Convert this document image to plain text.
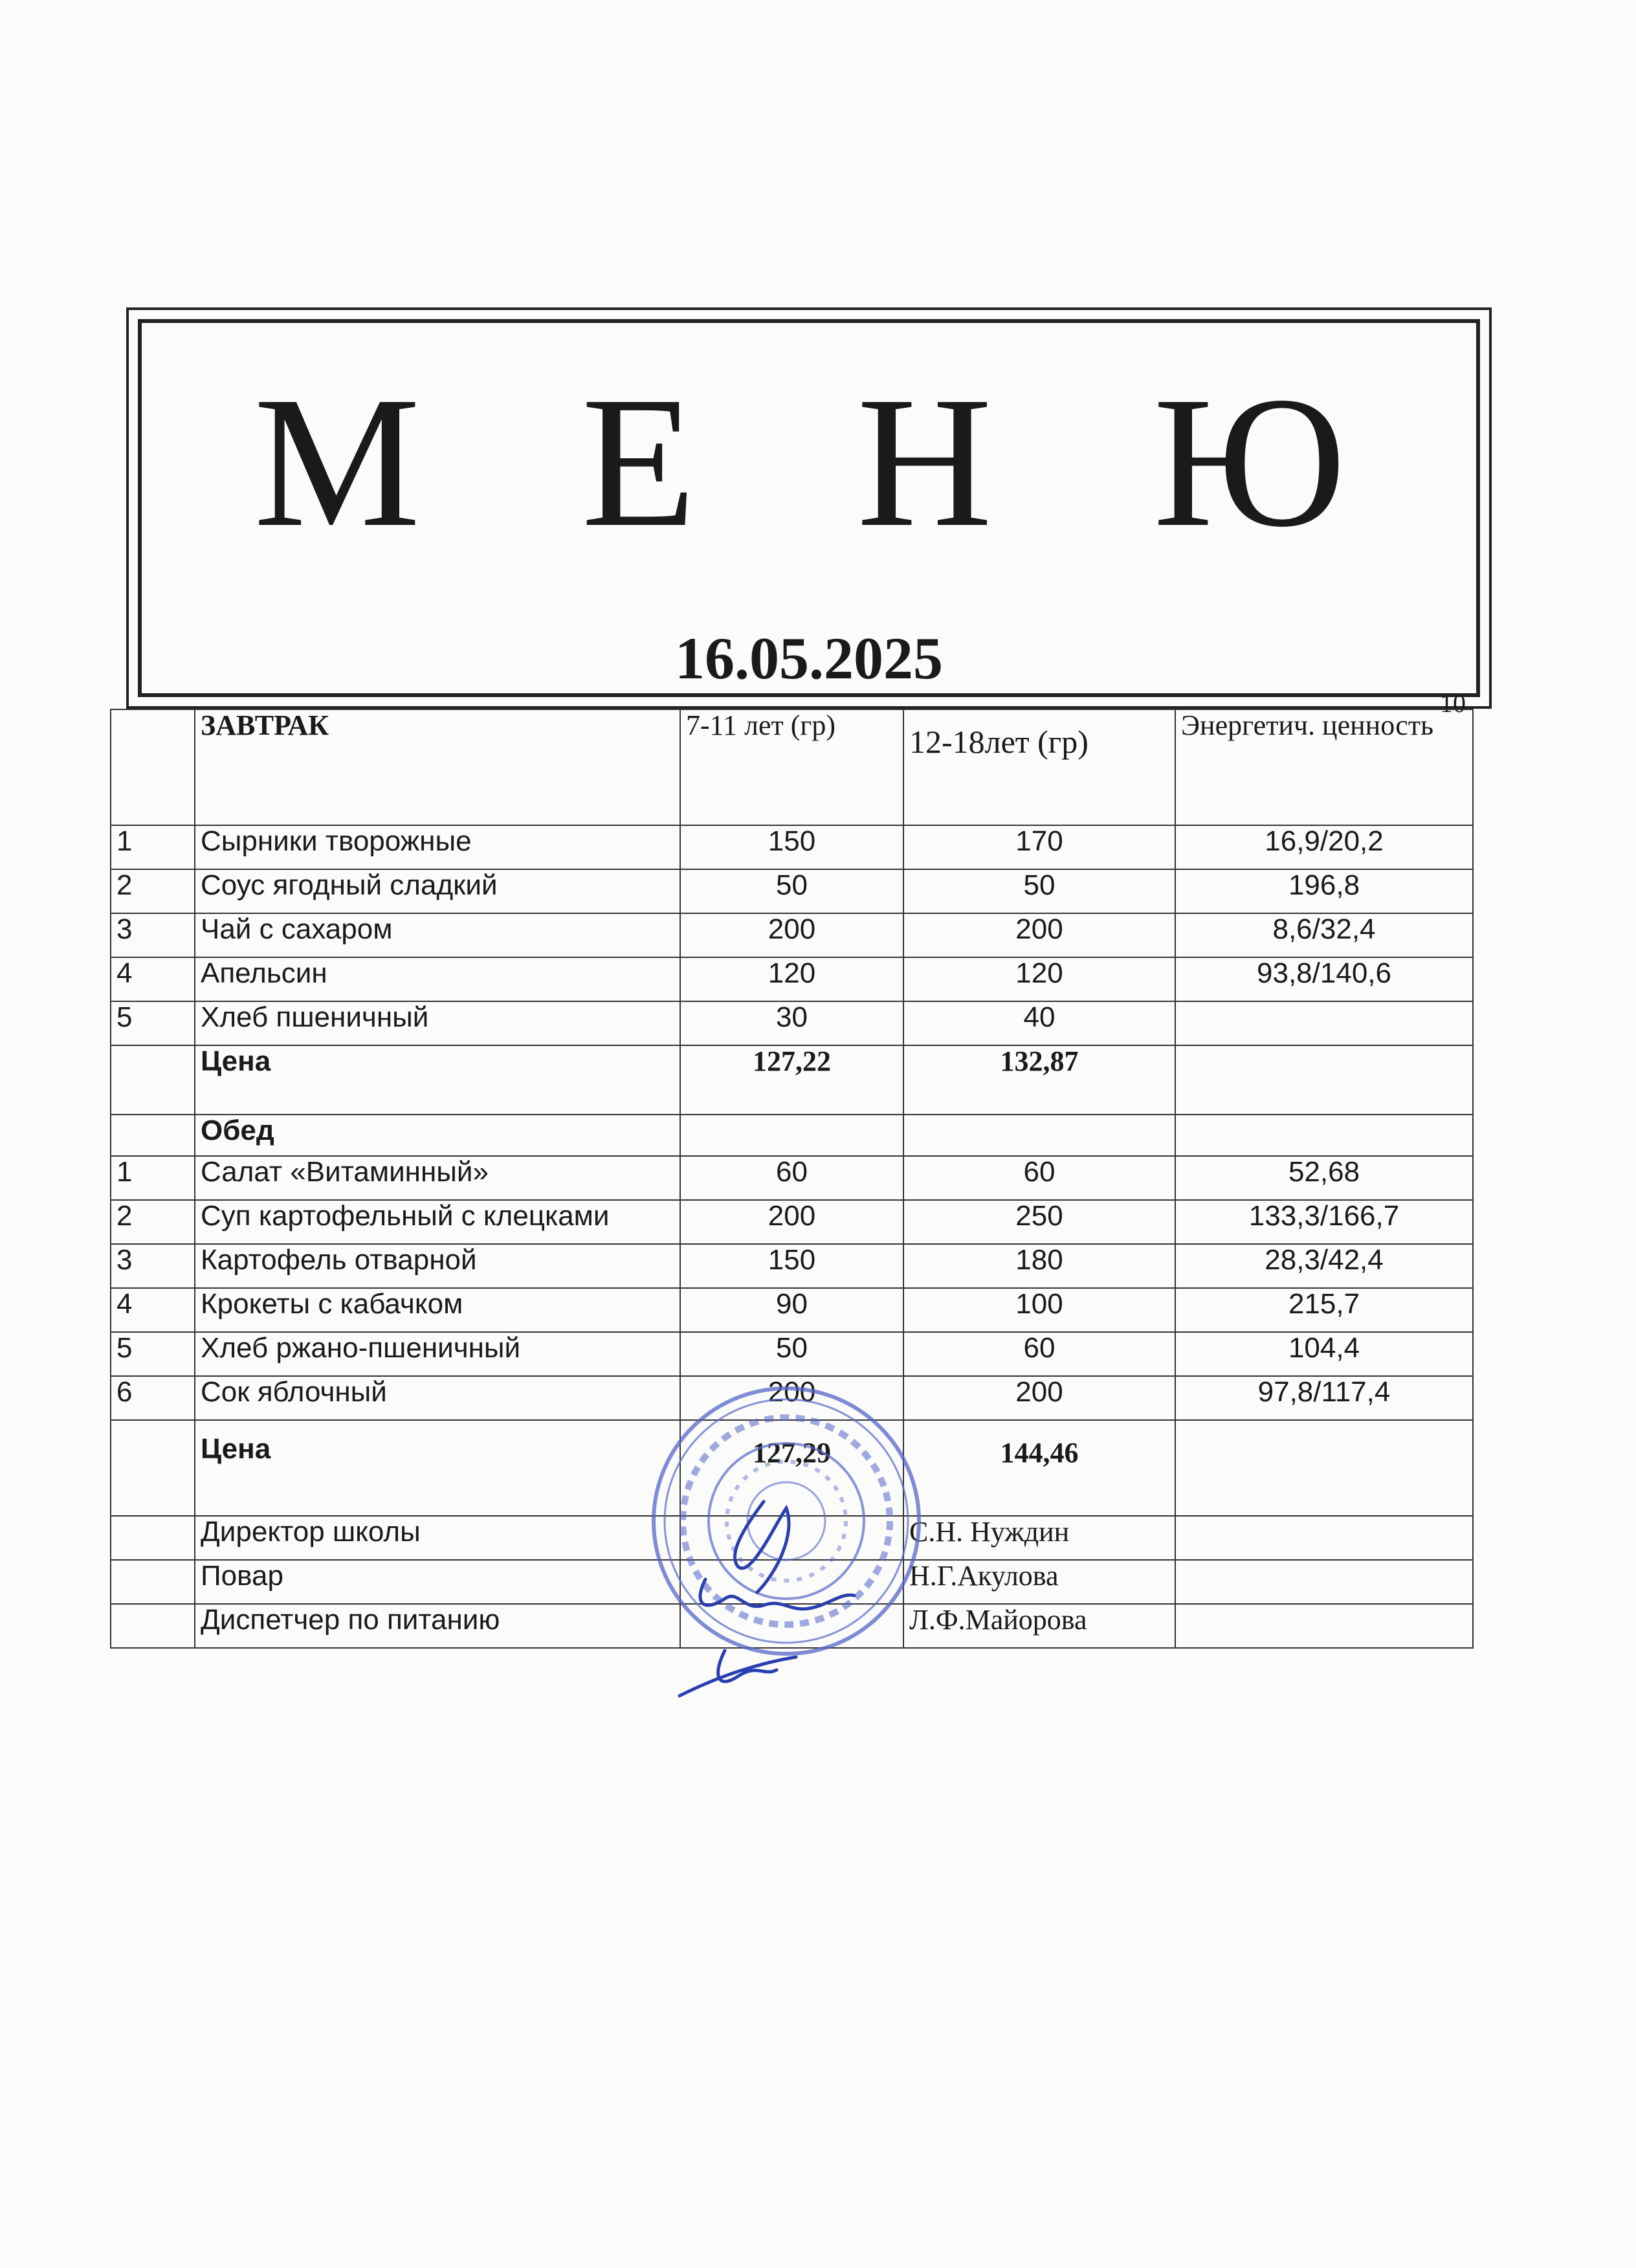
М Е Н Ю
16.05.2025
10
	ЗАВТРАК	7-11 лет (гр)	12-18лет (гр)	Энергетич. ценность
1	Сырники творожные	150	170	16,9/20,2
2	Соус ягодный сладкий	50	50	196,8
3	Чай с сахаром	200	200	8,6/32,4
4	Апельсин	120	120	93,8/140,6
5	Хлеб пшеничный	30	40	
	Цена	127,22	132,87	
	Обед			
1	Салат «Витаминный»	60	60	52,68
2	Суп картофельный с клецками	200	250	133,3/166,7
3	Картофель отварной	150	180	28,3/42,4
4	Крокеты с кабачком	90	100	215,7
5	Хлеб ржано-пшеничный	50	60	104,4
6	Сок яблочный	200	200	97,8/117,4
	Цена	127,29	144,46	
	Директор школы		С.Н. Нуждин	
	Повар		Н.Г.Акулова	
	Диспетчер по питанию		Л.Ф.Майорова	
